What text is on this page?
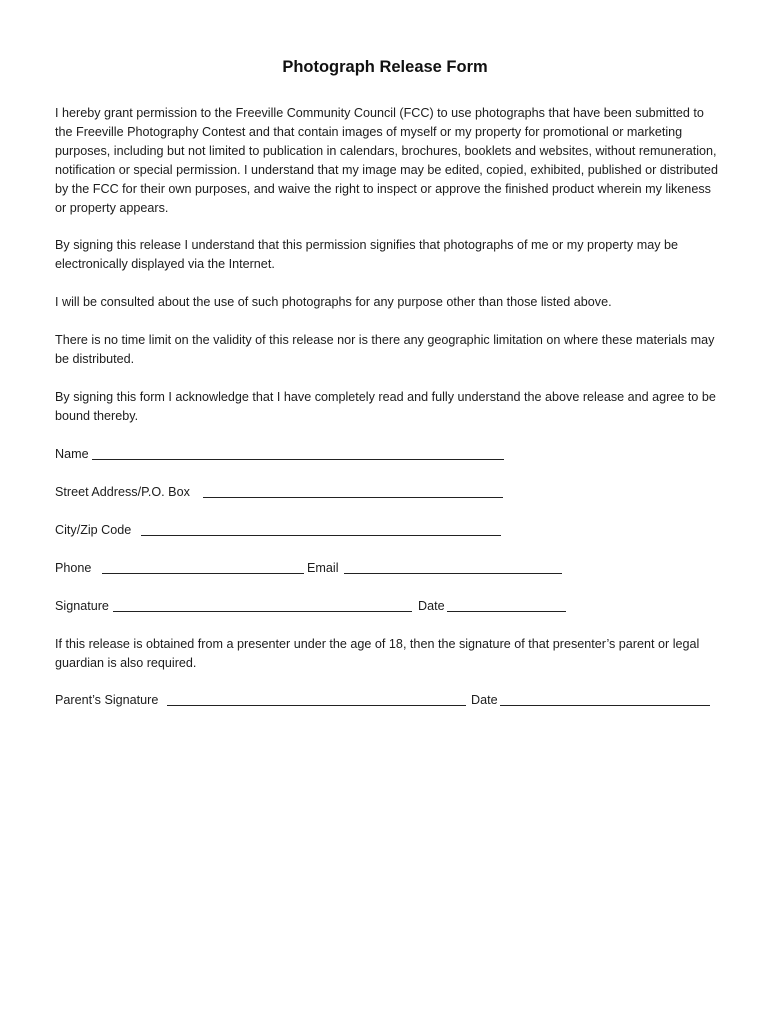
Photograph Release Form

I hereby grant permission to the Freeville Community Council (FCC) to use photographs that have been submitted to the Freeville Photography Contest and that contain images of myself or my property for promotional or marketing purposes, including but not limited to publication in calendars, brochures, booklets and websites, without remuneration, notification or special permission. I understand that my image may be edited, copied, exhibited, published or distributed by the FCC for their own purposes, and waive the right to inspect or approve the finished product wherein my likeness or property appears.

By signing this release I understand that this permission signifies that photographs of me or my property may be electronically displayed via the Internet.

I will be consulted about the use of such photographs for any purpose other than those listed above.

There is no time limit on the validity of this release nor is there any geographic limitation on where these materials may be distributed.

By signing this form I acknowledge that I have completely read and fully understand the above release and agree to be bound thereby.

Name
Street Address/P.O. Box
City/Zip Code
Phone	Email
Signature	Date

If this release is obtained from a presenter under the age of 18, then the signature of that presenter’s parent or legal guardian is also required.

Parent’s Signature	Date
